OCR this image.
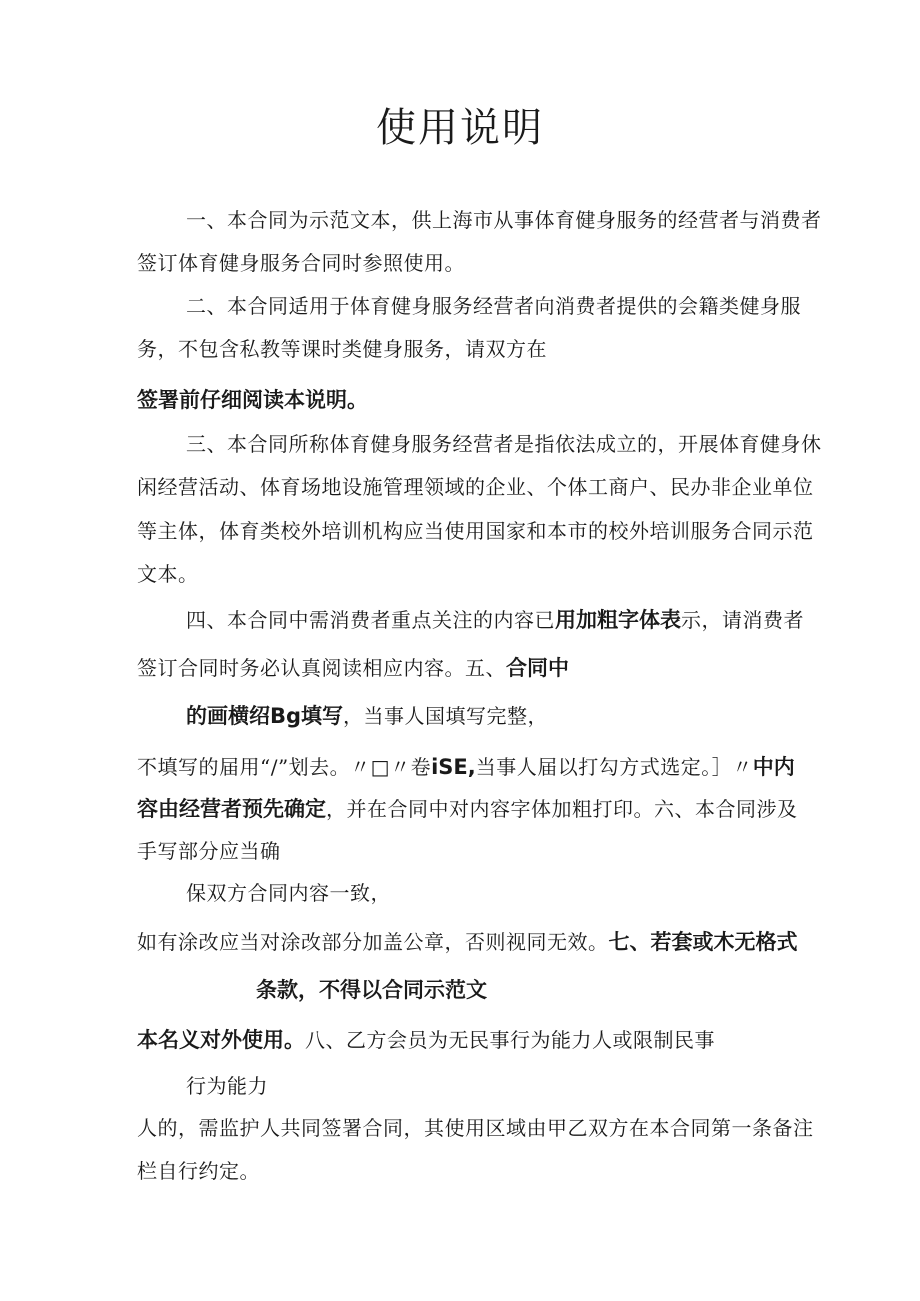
使用说明
一、本合同为示范文本，供上海市从事体育健身服务的经营者与消费者
签订体育健身服务合同时参照使用。
二、本合同适用于体育健身服务经营者向消费者提供的会籍类健身服
务，不包含私教等课时类健身服务，请双方在
签署前仔细阅读本说明。
三、本合同所称体育健身服务经营者是指依法成立的，开展体育健身休
闲经营活动、体育场地设施管理领域的企业、个体工商户、民办非企业单位
等主体，体育类校外培训机构应当使用国家和本市的校外培训服务合同示范
文本。
四、本合同中需消费者重点关注的内容已用加粗字体表示，请消费者
签订合同时务必认真阅读相应内容。五、合同中
的画横绍Bg填写，当事人国填写完整，
不填写的届用“/”划去。〃□〃卷iSE,当事人届以打勾方式选定。］〃中内
容由经营者预先确定，并在合同中对内容字体加粗打印。六、本合同涉及
手写部分应当确
保双方合同内容一致，
如有涂改应当对涂改部分加盖公章，否则视同无效。七、若套或木无格式
条款，不得以合同示范文
本名义对外使用。八、乙方会员为无民事行为能力人或限制民事
行为能力
人的，需监护人共同签署合同，其使用区域由甲乙双方在本合同第一条备注
栏自行约定。
